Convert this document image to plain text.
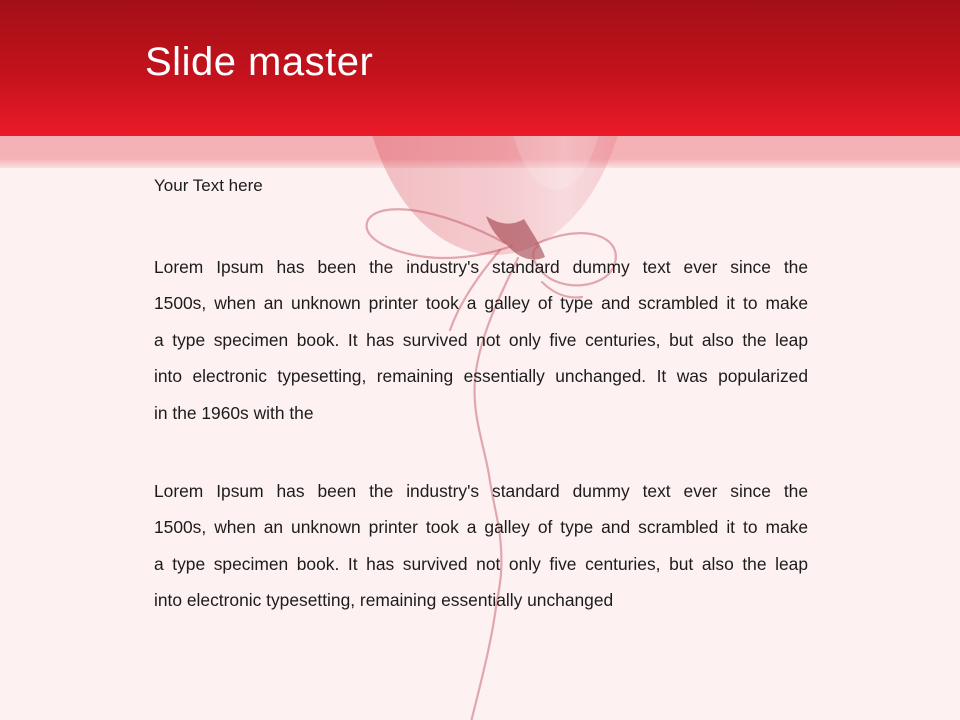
Slide master
Your Text here
Lorem Ipsum has been the industry's standard dummy text ever since the
1500s, when an unknown printer took a galley of type and scrambled it to make
a type specimen book. It has survived not only five centuries, but also the leap
into electronic typesetting, remaining essentially unchanged. It was popularized
in the 1960s with the
Lorem Ipsum has been the industry's standard dummy text ever since the
1500s, when an unknown printer took a galley of type and scrambled it to make
a type specimen book. It has survived not only five centuries, but also the leap
into electronic typesetting, remaining essentially unchanged
